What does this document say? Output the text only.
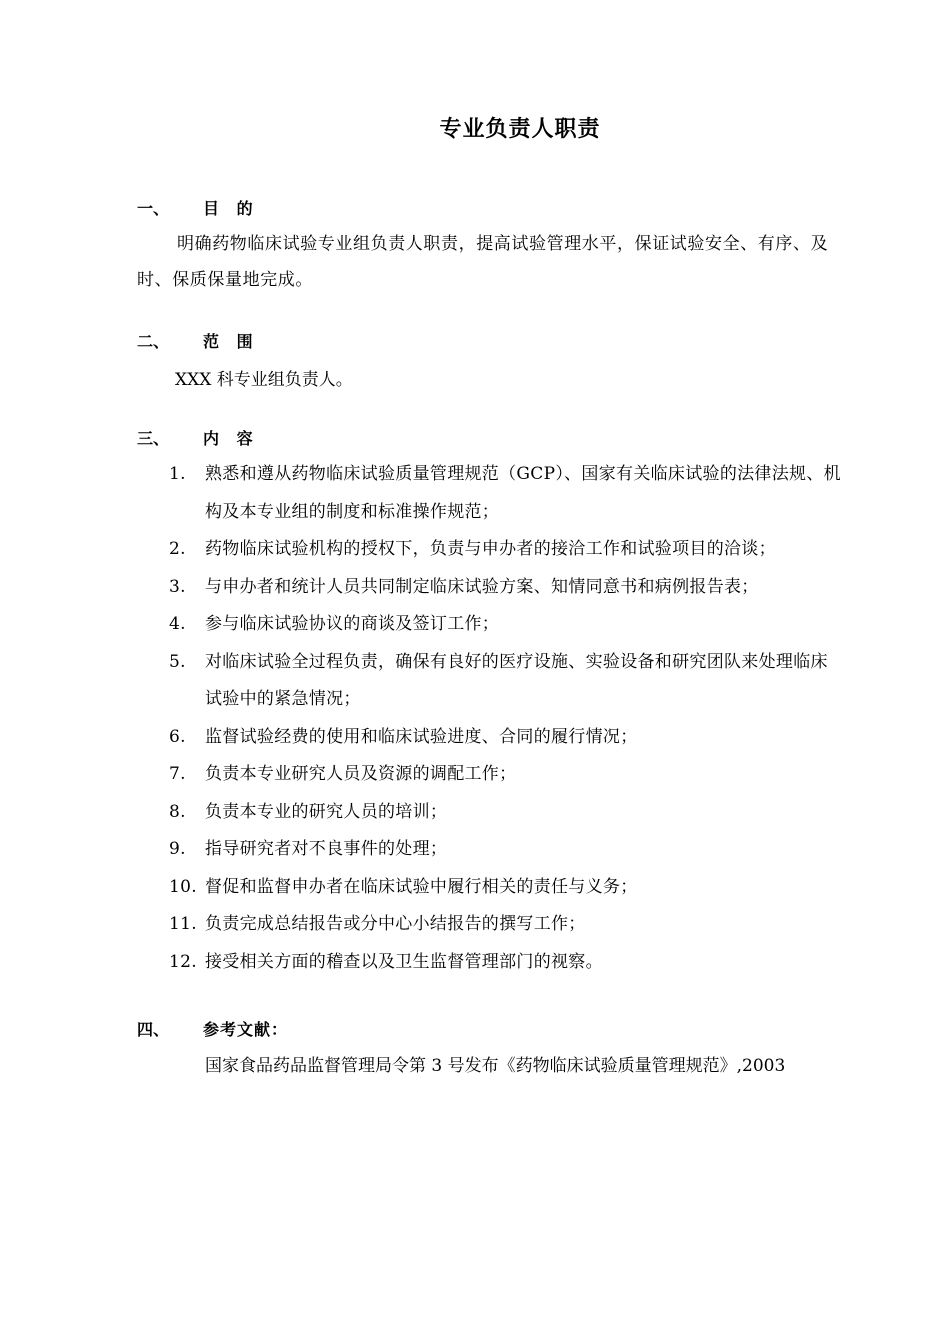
专业负责人职责
一、 目 的
明确药物临床试验专业组负责人职责，提高试验管理水平，保证试验安全、有序、及时、保质保量地完成。
二、 范 围
XXX 科专业组负责人。
三、 内 容
1. 熟悉和遵从药物临床试验质量管理规范（GCP）、国家有关临床试验的法律法规、机构及本专业组的制度和标准操作规范；
2. 药物临床试验机构的授权下，负责与申办者的接洽工作和试验项目的洽谈；
3. 与申办者和统计人员共同制定临床试验方案、知情同意书和病例报告表；
4. 参与临床试验协议的商谈及签订工作；
5. 对临床试验全过程负责，确保有良好的医疗设施、实验设备和研究团队来处理临床试验中的紧急情况；
6. 监督试验经费的使用和临床试验进度、合同的履行情况；
7. 负责本专业研究人员及资源的调配工作；
8. 负责本专业的研究人员的培训；
9. 指导研究者对不良事件的处理；
10. 督促和监督申办者在临床试验中履行相关的责任与义务；
11. 负责完成总结报告或分中心小结报告的撰写工作；
12. 接受相关方面的稽查以及卫生监督管理部门的视察。
四、 参考文献：
国家食品药品监督管理局令第 3 号发布《药物临床试验质量管理规范》,2003
